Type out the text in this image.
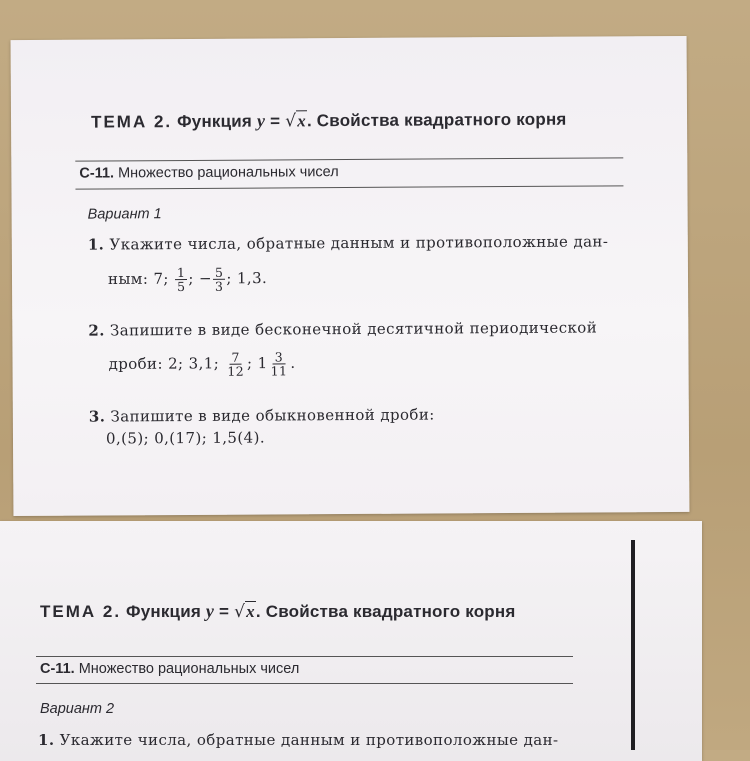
ТЕМА 2. Функция y = √x. Свойства квадратного корня
С-11. Множество рациональных чисел
Вариант 1
1. Укажите числа, обратные данным и противоположные дан-
ным: 7; $\frac{1}{5}$ ; − $\frac{5}{3}$ ; 1,3.
2. Запишите в виде бесконечной десятичной периодической
дроби: 2; 3,1; $\frac{7}{12}$ ; $1 \frac{3}{11}$ .
3. Запишите в виде обыкновенной дроби:
0,(5); 0,(17); 1,5(4).
ТЕМА 2. Функция y = √x. Свойства квадратного корня
С-11. Множество рациональных чисел
Вариант 2
1. Укажите числа, обратные данным и противоположные дан-
